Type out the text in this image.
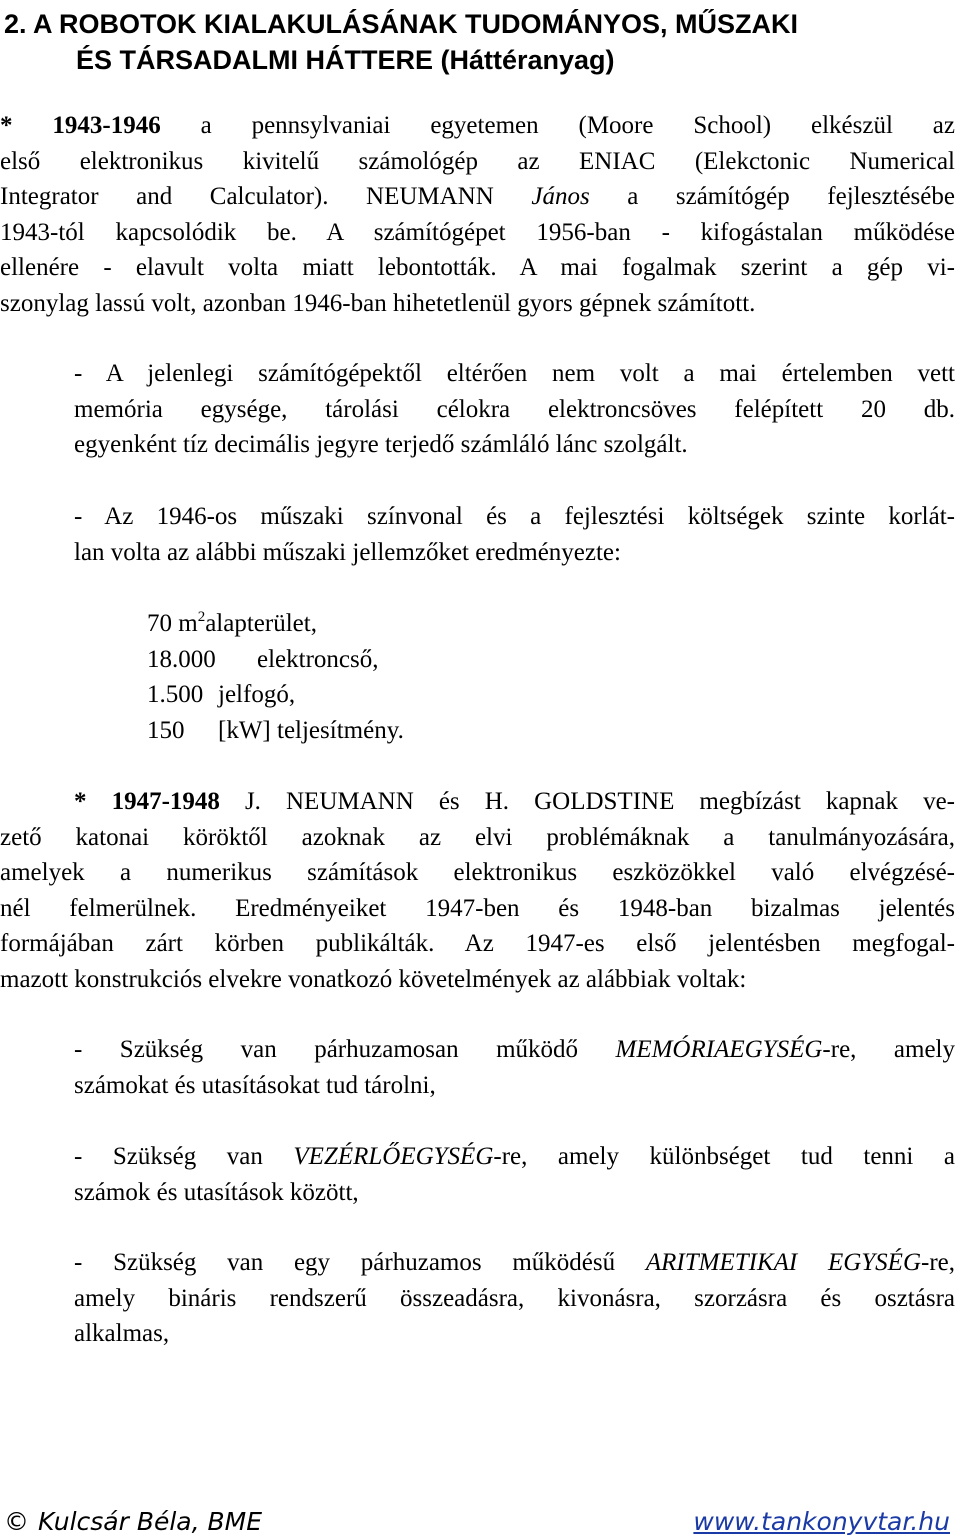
2. A ROBOTOK KIALAKULÁSÁNAK TUDOMÁNYOS, MŰSZAKI
ÉS TÁRSADALMI HÁTTERE (Háttéranyag)
* 1943-1946 a pennsylvaniai egyetemen (Moore School) elkészül az
első elektronikus kivitelű számológép az ENIAC (Elekctonic Numerical
Integrator and Calculator). NEUMANN János a számítógép fejlesztésébe
1943-tól kapcsolódik be. A számítógépet 1956-ban - kifogástalan működése
ellenére - elavult volta miatt lebontották. A mai fogalmak szerint a gép vi-
szonylag lassú volt, azonban 1946-ban hihetetlenül gyors gépnek számított.
- A jelenlegi számítógépektől eltérően nem volt a mai értelemben vett
memória egysége, tárolási célokra elektroncsöves felépített 20 db.
egyenként tíz decimális jegyre terjedő számláló lánc szolgált.
- Az 1946-os műszaki színvonal és a fejlesztési költségek szinte korlát-
lan volta az alábbi műszaki jellemzőket eredményezte:
70 $m^2alapterület$,
18.000 elektroncső,
1.500 jelfogó,
150 [kW] teljesítmény.
* 1947-1948 J. NEUMANN és H. GOLDSTINE megbízást kapnak ve-
zető katonai köröktől azoknak az elvi problémáknak a tanulmányozására,
amelyek a numerikus számítások elektronikus eszközökkel való elvégzésé-
nél felmerülnek. Eredményeiket 1947-ben és 1948-ban bizalmas jelentés
formájában zárt körben publikálták. Az 1947-es első jelentésben megfogal-
mazott konstrukciós elvekre vonatkozó követelmények az alábbiak voltak:
- Szükség van párhuzamosan működő MEMÓRIAEGYSÉG-re, amely
számokat és utasításokat tud tárolni,
- Szükség van VEZÉRLŐEGYSÉG-re, amely különbséget tud tenni a
számok és utasítások között,
- Szükség van egy párhuzamos működésű ARITMETIKAI EGYSÉG-re,
amely bináris rendszerű összeadásra, kivonásra, szorzásra és osztásra
alkalmas,
© Kulcsár Béla, BME	www.tankonyvtar.hu
